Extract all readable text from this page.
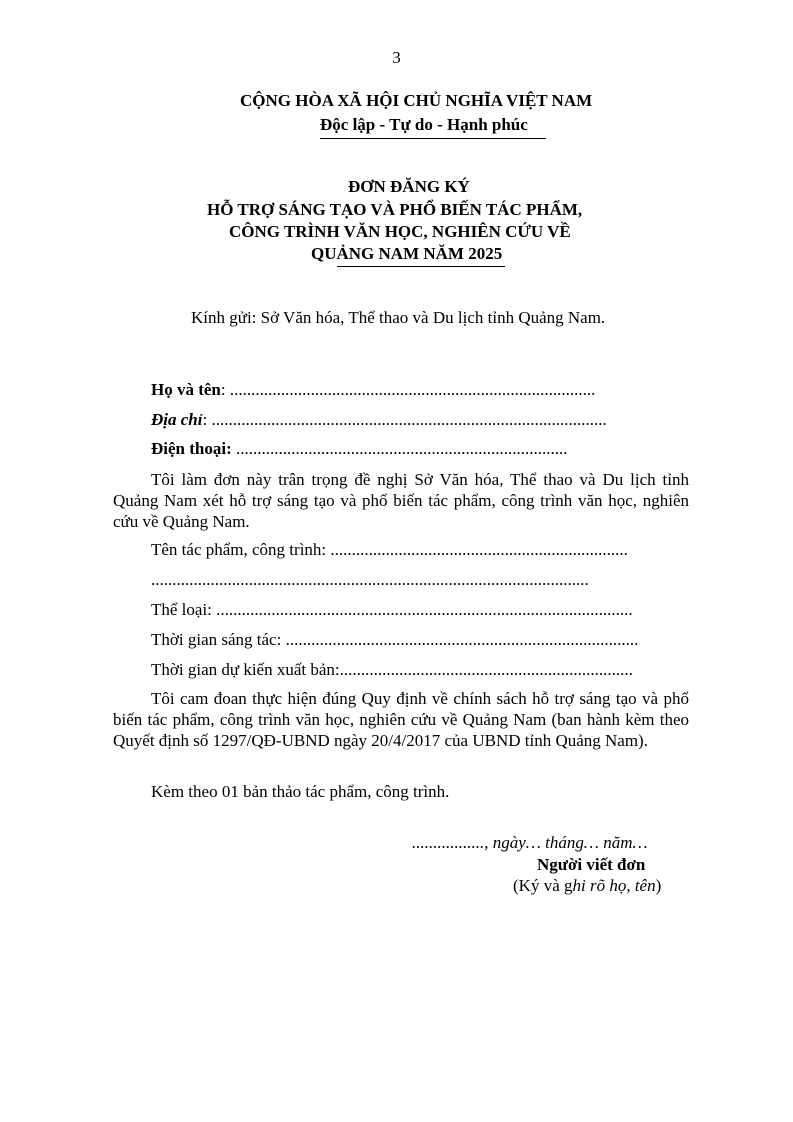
3
CỘNG HÒA XÃ HỘI CHỦ NGHĨA VIỆT NAM
Độc lập - Tự do - Hạnh phúc
ĐƠN ĐĂNG KÝ
HỖ TRỢ SÁNG TẠO VÀ PHỔ BIẾN TÁC PHẨM,
CÔNG TRÌNH VĂN HỌC, NGHIÊN CỨU VỀ
QUẢNG NAM NĂM 2025
Kính gửi: Sở Văn hóa, Thể thao và Du lịch tỉnh Quảng Nam.
Họ và tên: ......................................................................................
Địa chỉ: .............................................................................................
Điện thoại: ..............................................................................
Tôi làm đơn này trân trọng đề nghị Sở Văn hóa, Thể thao và Du lịch tỉnh Quảng Nam xét hỗ trợ sáng tạo và phổ biến tác phẩm, công trình văn học, nghiên cứu về Quảng Nam.
Tên tác phẩm, công trình: ......................................................................
.......................................................................................................
Thể loại: ..................................................................................................
Thời gian sáng tác: ...................................................................................
Thời gian dự kiến xuất bản:.....................................................................
Tôi cam đoan thực hiện đúng Quy định về chính sách hỗ trợ sáng tạo và phổ biến tác phẩm, công trình văn học, nghiên cứu về Quảng Nam (ban hành kèm theo Quyết định số 1297/QĐ-UBND ngày 20/4/2017 của UBND tỉnh Quảng Nam).
Kèm theo 01 bản thảo tác phẩm, công trình.
................., ngày… tháng… năm…
Người viết đơn
(Ký và ghi rõ họ, tên)
